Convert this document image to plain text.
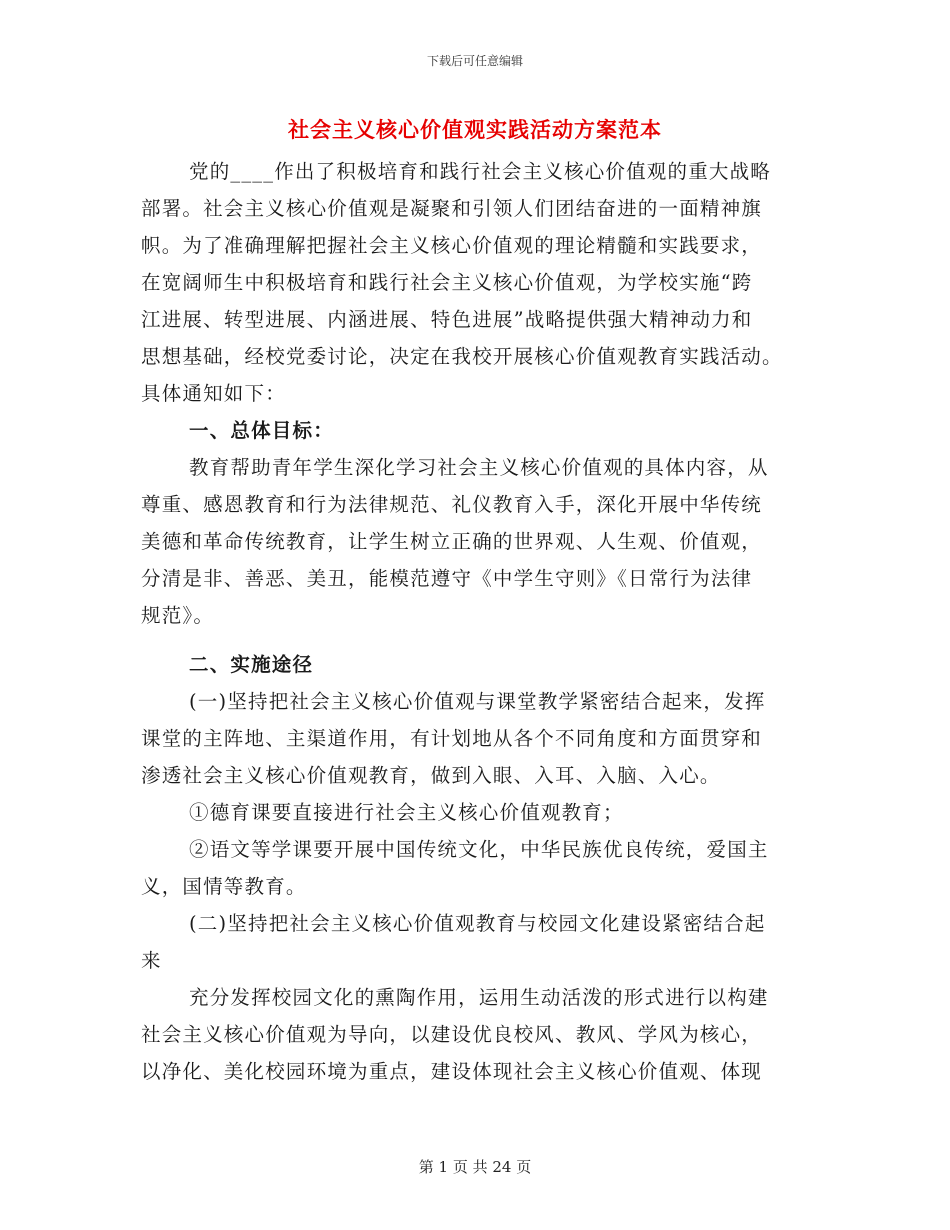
下载后可任意编辑
社会主义核心价值观实践活动方案范本
党的____作出了积极培育和践行社会主义核心价值观的重大战略
部署。社会主义核心价值观是凝聚和引领人们团结奋进的一面精神旗
帜。为了准确理解把握社会主义核心价值观的理论精髓和实践要求，
在宽阔师生中积极培育和践行社会主义核心价值观，为学校实施“跨
江进展、转型进展、内涵进展、特色进展”战略提供强大精神动力和
思想基础，经校党委讨论，决定在我校开展核心价值观教育实践活动。
具体通知如下：
一、总体目标：
教育帮助青年学生深化学习社会主义核心价值观的具体内容，从
尊重、感恩教育和行为法律规范、礼仪教育入手，深化开展中华传统
美德和革命传统教育，让学生树立正确的世界观、人生观、价值观，
分清是非、善恶、美丑，能模范遵守《中学生守则》《日常行为法律
规范》。
二、实施途径
(一)坚持把社会主义核心价值观与课堂教学紧密结合起来，发挥
课堂的主阵地、主渠道作用，有计划地从各个不同角度和方面贯穿和
渗透社会主义核心价值观教育，做到入眼、入耳、入脑、入心。
①德育课要直接进行社会主义核心价值观教育；
②语文等学课要开展中国传统文化，中华民族优良传统，爱国主
义，国情等教育。
(二)坚持把社会主义核心价值观教育与校园文化建设紧密结合起
来
充分发挥校园文化的熏陶作用，运用生动活泼的形式进行以构建
社会主义核心价值观为导向，以建设优良校风、教风、学风为核心，
以净化、美化校园环境为重点，建设体现社会主义核心价值观、体现
第 1 页 共 24 页
